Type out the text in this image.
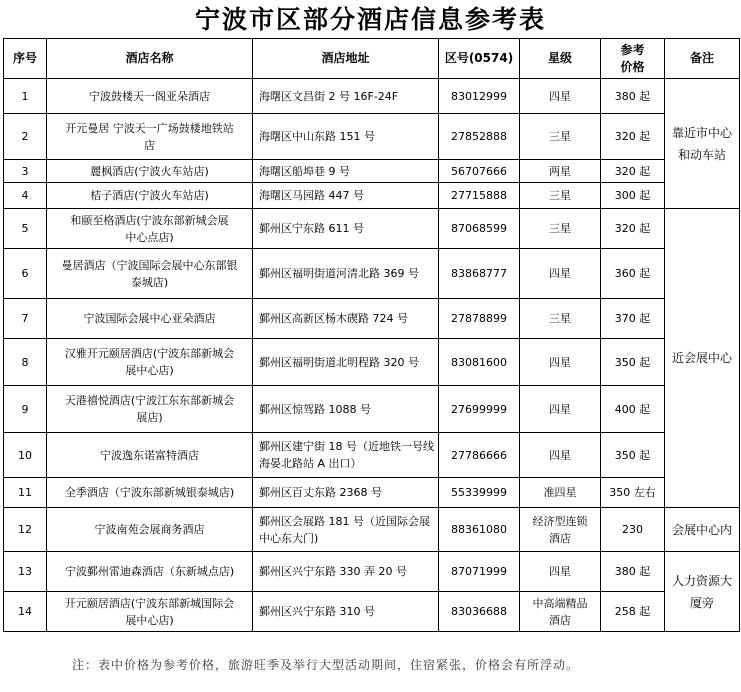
宁波市区部分酒店信息参考表
序号	酒店名称	酒店地址	区号(0574)	星级	参考价格	备注
1	宁波鼓楼天一阁亚朵酒店	海曙区文昌街 2 号 16F-24F	83012999	四星	380 起	靠近市中心和动车站
2	开元曼居 宁波天一广场鼓楼地铁站店	海曙区中山东路 151 号	27852888	三星	320 起	
3	麗枫酒店(宁波火车站店)	海曙区船埠巷 9 号	56707666	两星	320 起	
4	桔子酒店(宁波火车站店)	海曙区马园路 447 号	27715888	三星	300 起	
5	和颐至格酒店(宁波东部新城会展中心点店)	鄞州区宁东路 611 号	87068599	三星	320 起	近会展中心
6	曼居酒店（宁波国际会展中心东部银泰城店)	鄞州区福明街道河清北路 369 号	83868777	四星	360 起	
7	宁波国际会展中心亚朵酒店	鄞州区高新区杨木碶路 724 号	27878899	三星	370 起	
8	汉雅开元颐居酒店(宁波东部新城会展中心店)	鄞州区福明街道北明程路 320 号	83081600	四星	350 起	
9	天港禧悦酒店(宁波江东东部新城会展店)	鄞州区惊驾路 1088 号	27699999	四星	400 起	
10	宁波逸东诺富特酒店	鄞州区建宁街 18 号（近地铁一号线海晏北路站 A 出口）	27786666	四星	350 起	
11	全季酒店（宁波东部新城银泰城店)	鄞州区百丈东路 2368 号	55339999	准四星	350 左右	
12	宁波南苑会展商务酒店	鄞州区会展路 181 号（近国际会展中心东大门)	88361080	经济型连锁酒店	230	会展中心内
13	宁波鄞州雷迪森酒店（东新城点店)	鄞州区兴宁东路 330 弄 20 号	87071999	四星	380 起	人力资源大厦旁
14	开元颐居酒店(宁波东部新城国际会展中心店)	鄞州区兴宁东路 310 号	83036688	中高端精品酒店	258 起	
注：表中价格为参考价格，旅游旺季及举行大型活动期间，住宿紧张，价格会有所浮动。
